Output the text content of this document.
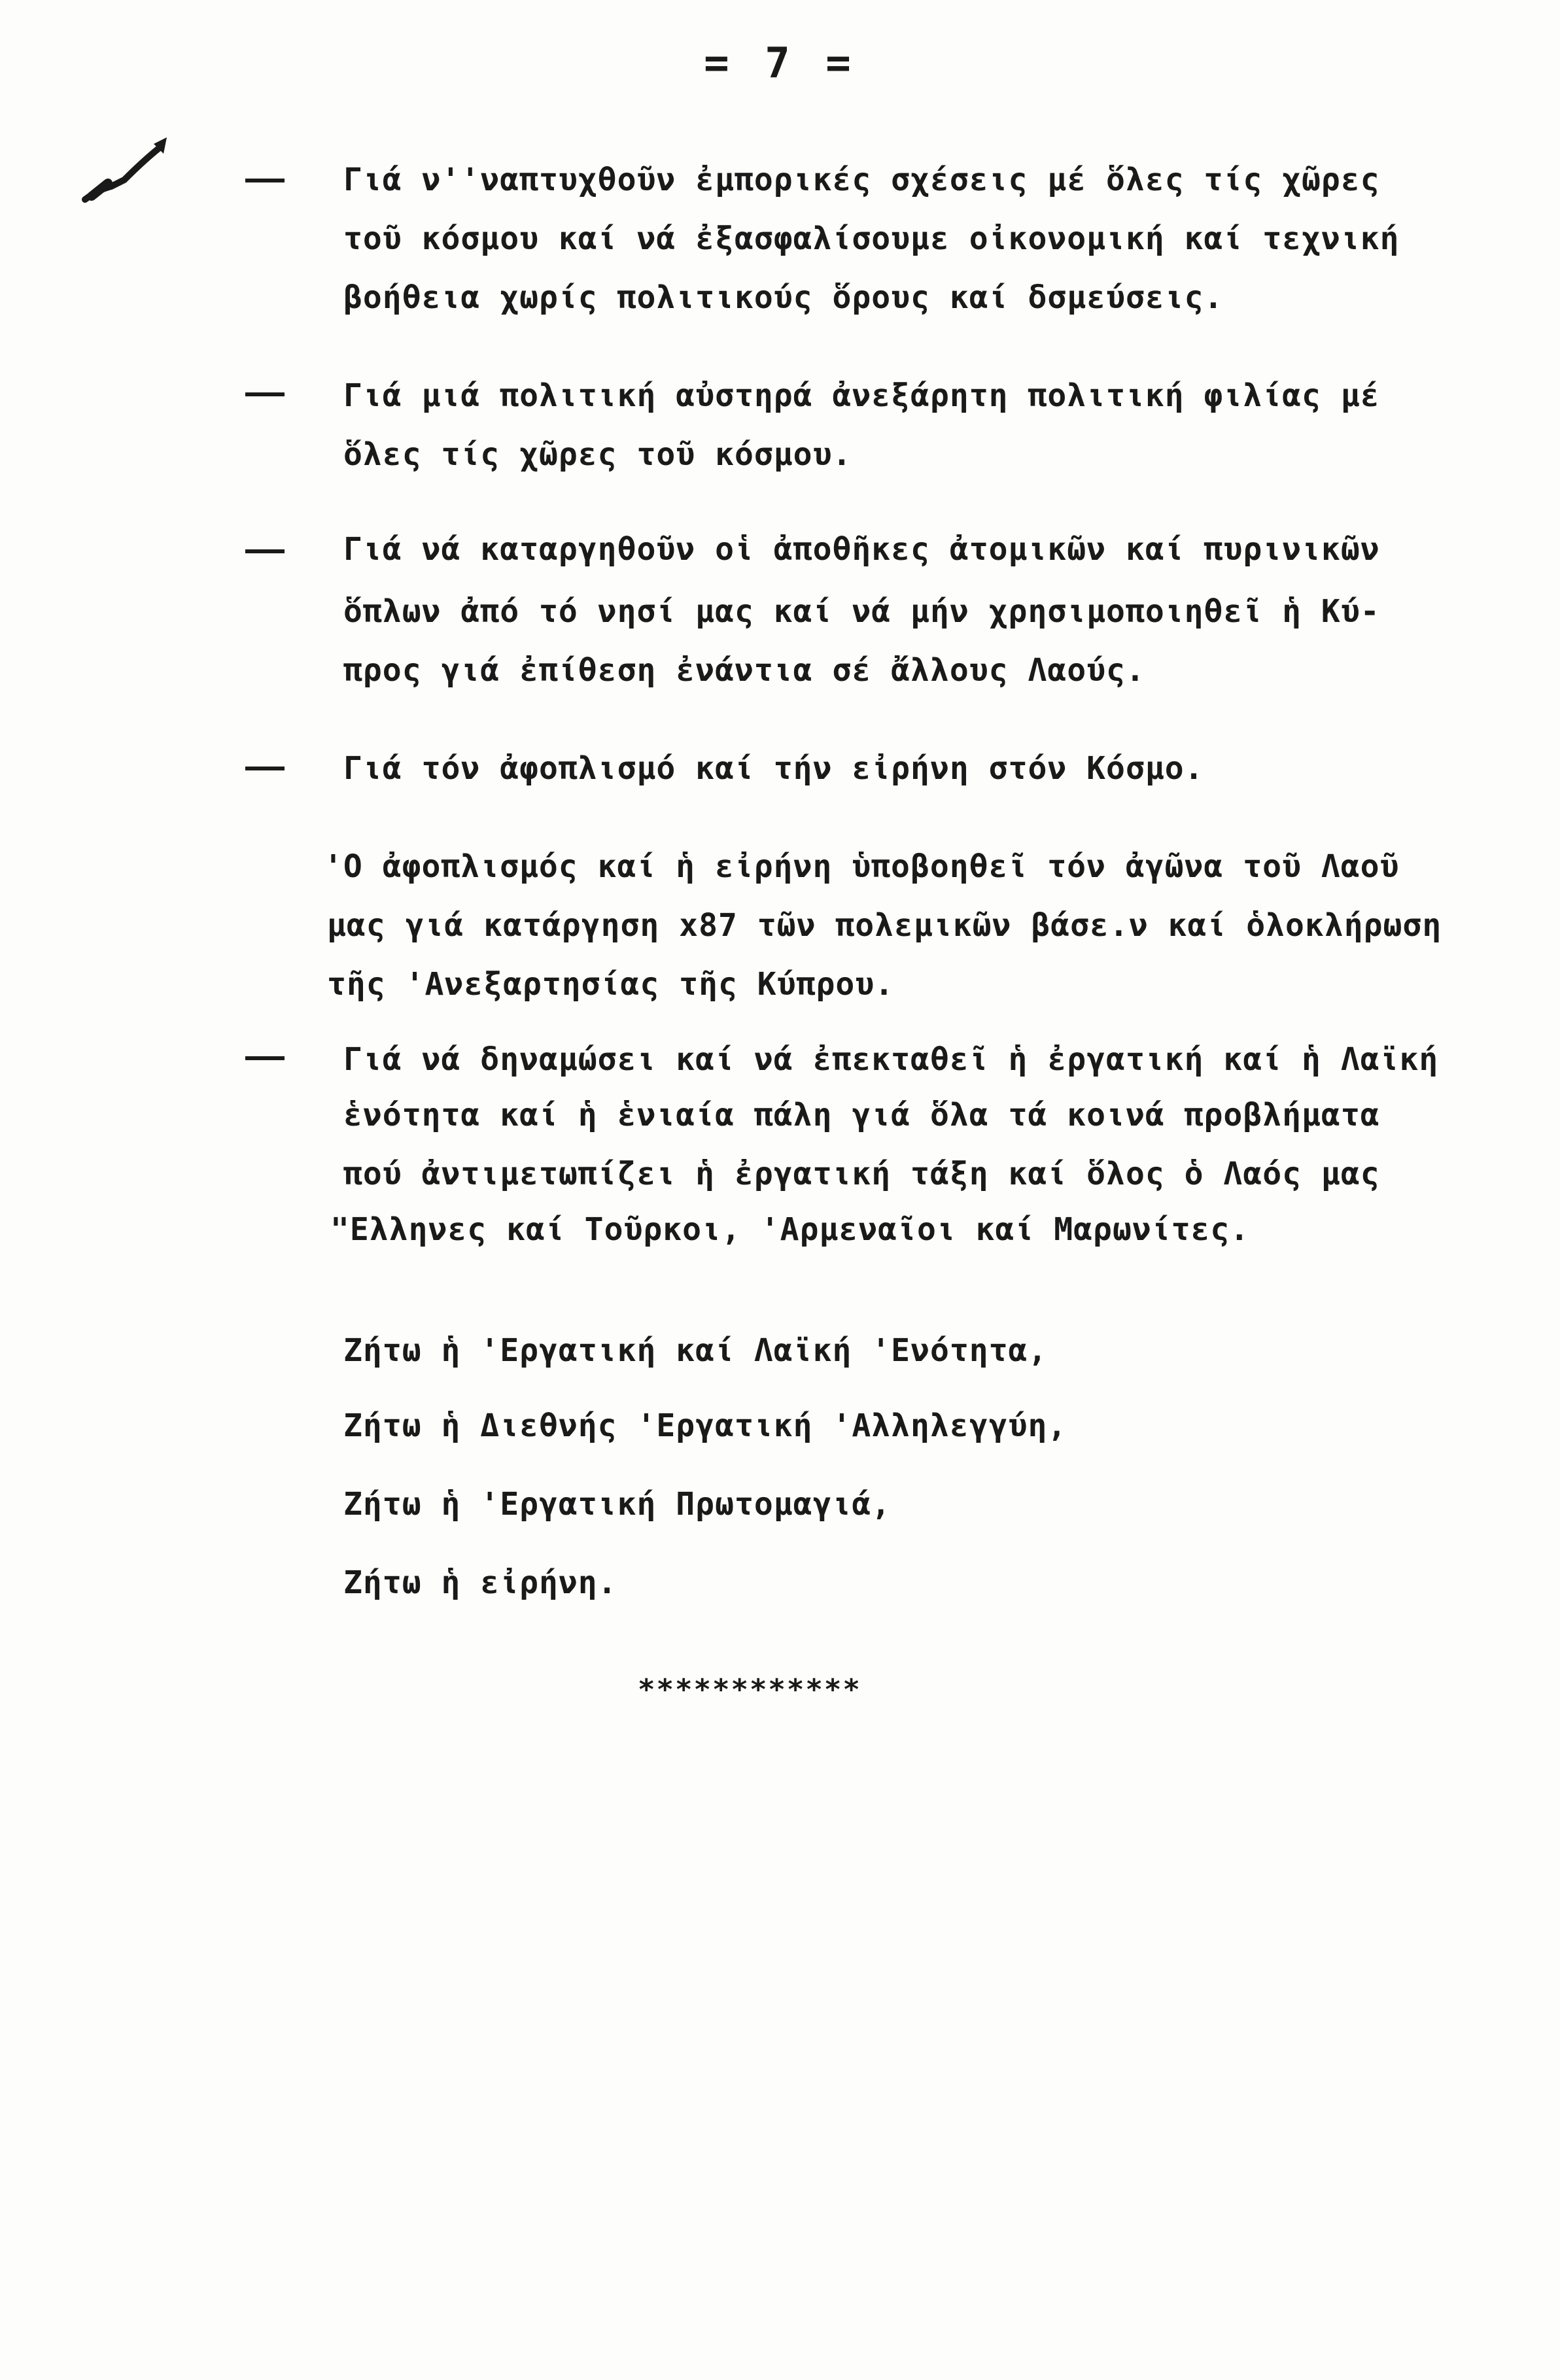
= 7 =
Γιά ν''ναπτυχθοῦν ἐμπορικές σχέσεις μέ ὅλες τίς χῶρες
τοῦ κόσμου καί νά ἐξασφαλίσουμε οἰκονομική καί τεχνική
βοήθεια χωρίς πολιτικούς ὅρους καί δσμεύσεις.
Γιά μιά πολιτική αὐστηρά ἀνεξάρητη πολιτική φιλίας μέ
ὅλες τίς χῶρες τοῦ κόσμου.
Γιά νά καταργηθοῦν οἱ ἀποθῆκες ἀτομικῶν καί πυρινικῶν
ὅπλων ἀπό τό νησί μας καί νά μήν χρησιμοποιηθεῖ ἡ Κύ-
προς γιά ἐπίθεση ἐνάντια σέ ἄλλους Λαούς.
Γιά τόν ἀφοπλισμό καί τήν εἰρήνη στόν Κόσμο.
'Ο ἀφοπλισμός καί ἡ εἰρήνη ὑποβοηθεῖ τόν ἀγῶνα τοῦ Λαοῦ
μας γιά κατάργηση x87 τῶν πολεμικῶν βάσε.ν καί ὁλοκλήρωση
τῆς 'Ανεξαρτησίας τῆς Κύπρου.
Γιά νά δηναμώσει καί νά ἐπεκταθεῖ ἡ ἐργατική καί ἡ Λαϊκή
ἑνότητα καί ἡ ἑνιαία πάλη γιά ὅλα τά κοινά προβλήματα
πού ἀντιμετωπίζει ἡ ἐργατική τάξη καί ὅλος ὁ Λαός μας
"Ελληνες καί Τοῦρκοι, 'Αρμεναῖοι καί Μαρωνίτες.
Ζήτω ἡ 'Εργατική καί Λαϊκή 'Ενότητα,
Ζήτω ἡ Διεθνής 'Εργατική 'Αλληλεγγύη,
Ζήτω ἡ 'Εργατική Πρωτομαγιά,
Ζήτω ἡ εἰρήνη.
************
